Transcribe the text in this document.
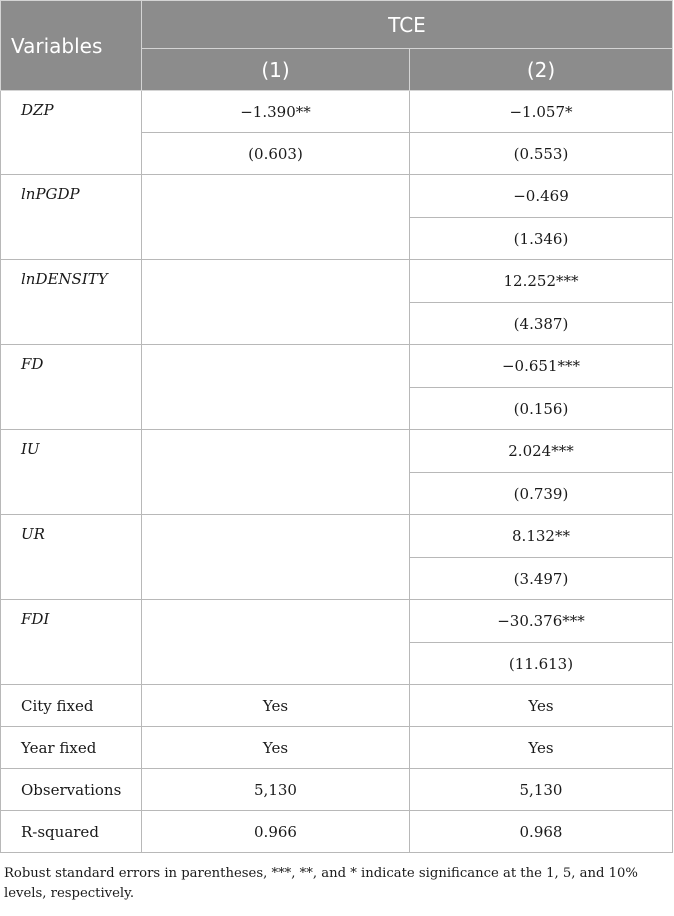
Variables	TCE	
	(1)	(2)
DZP	−1.390**	−1.057*
	(0.603)	(0.553)
lnPGDP		−0.469
		(1.346)
lnDENSITY		12.252***
		(4.387)
FD		−0.651***
		(0.156)
IU		2.024***
		(0.739)
UR		8.132**
		(3.497)
FDI		−30.376***
		(11.613)
City fixed	Yes	Yes
Year fixed	Yes	Yes
Observations	5,130	5,130
R-squared	0.966	0.968

Robust standard errors in parentheses, ***, **, and * indicate significance at the 1, 5, and 10% levels, respectively.
